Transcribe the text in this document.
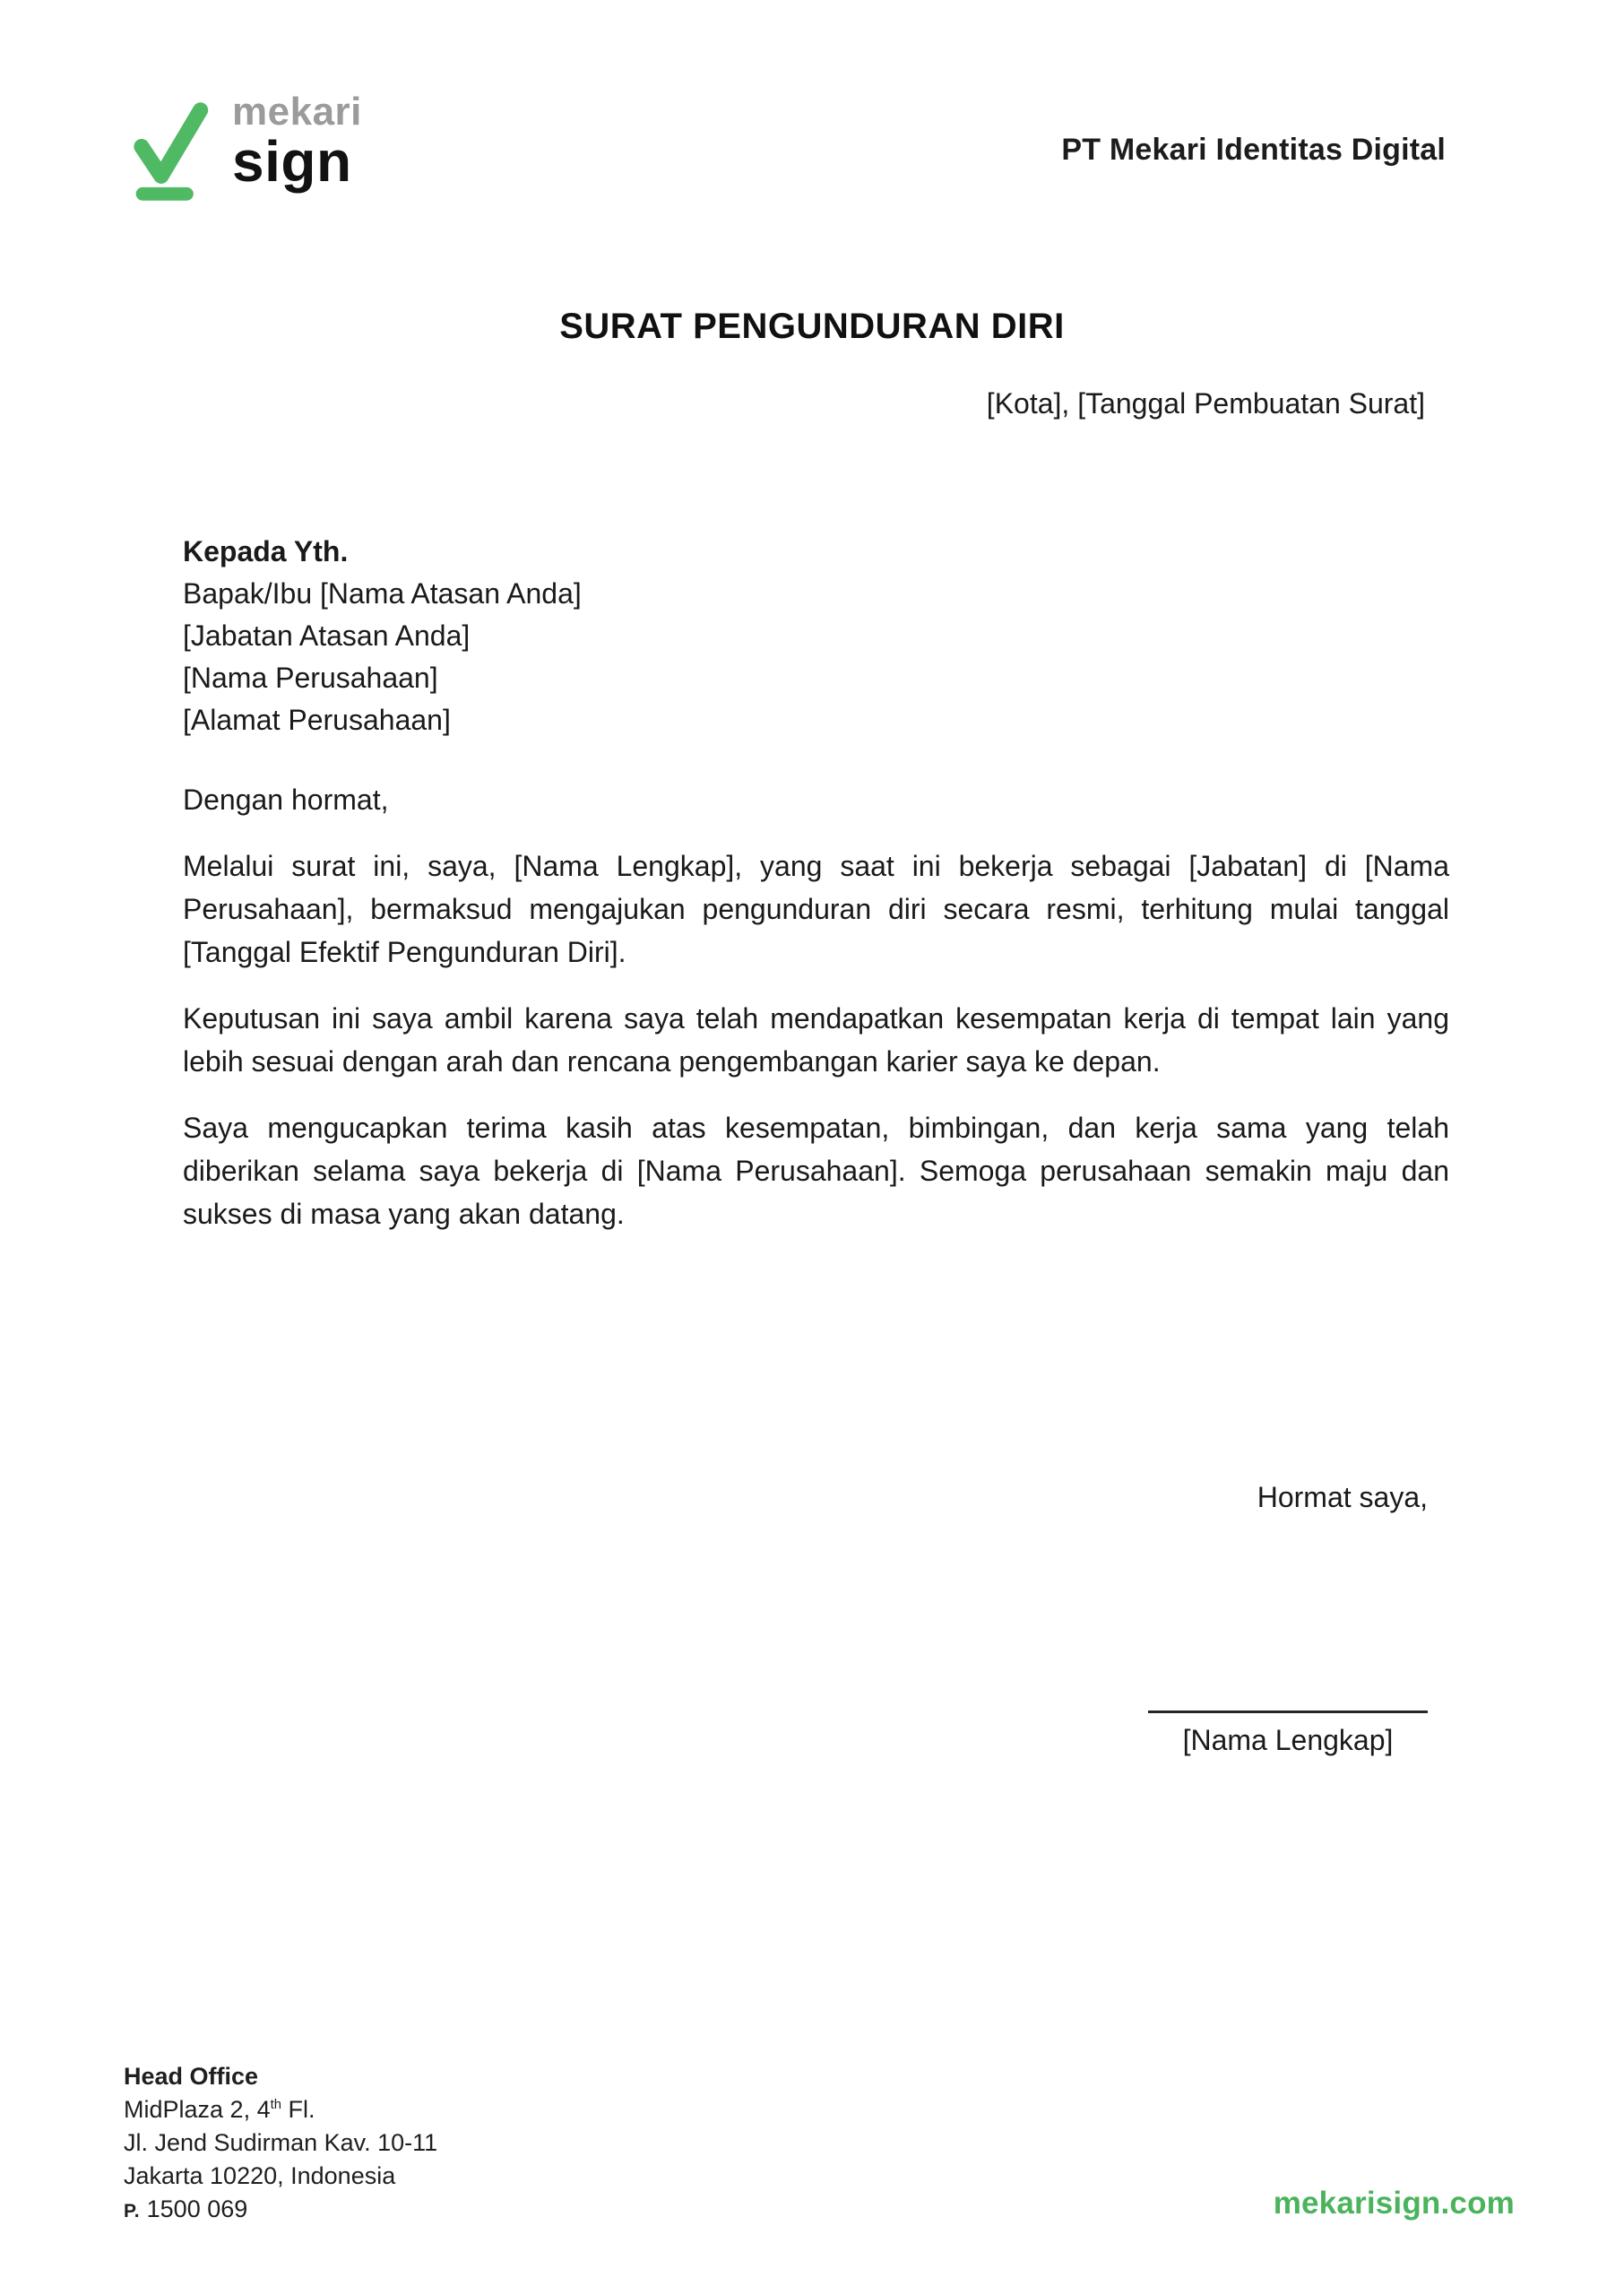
mekari
sign	PT Mekari Identitas Digital
SURAT PENGUNDURAN DIRI
[Kota], [Tanggal Pembuatan Surat]
Kepada Yth.
Bapak/Ibu [Nama Atasan Anda]
[Jabatan Atasan Anda]
[Nama Perusahaan]
[Alamat Perusahaan]

Dengan hormat,

Melalui surat ini, saya, [Nama Lengkap], yang saat ini bekerja sebagai [Jabatan] di [Nama Perusahaan], bermaksud mengajukan pengunduran diri secara resmi, terhitung mulai tanggal [Tanggal Efektif Pengunduran Diri].

Keputusan ini saya ambil karena saya telah mendapatkan kesempatan kerja di tempat lain yang lebih sesuai dengan arah dan rencana pengembangan karier saya ke depan.

Saya mengucapkan terima kasih atas kesempatan, bimbingan, dan kerja sama yang telah diberikan selama saya bekerja di [Nama Perusahaan]. Semoga perusahaan semakin maju dan sukses di masa yang akan datang.

Hormat saya,
[Nama Lengkap]
Head Office
MidPlaza 2, 4th Fl.
Jl. Jend Sudirman Kav. 10-11
Jakarta 10220, Indonesia
P. 1500 069	mekarisign.com
